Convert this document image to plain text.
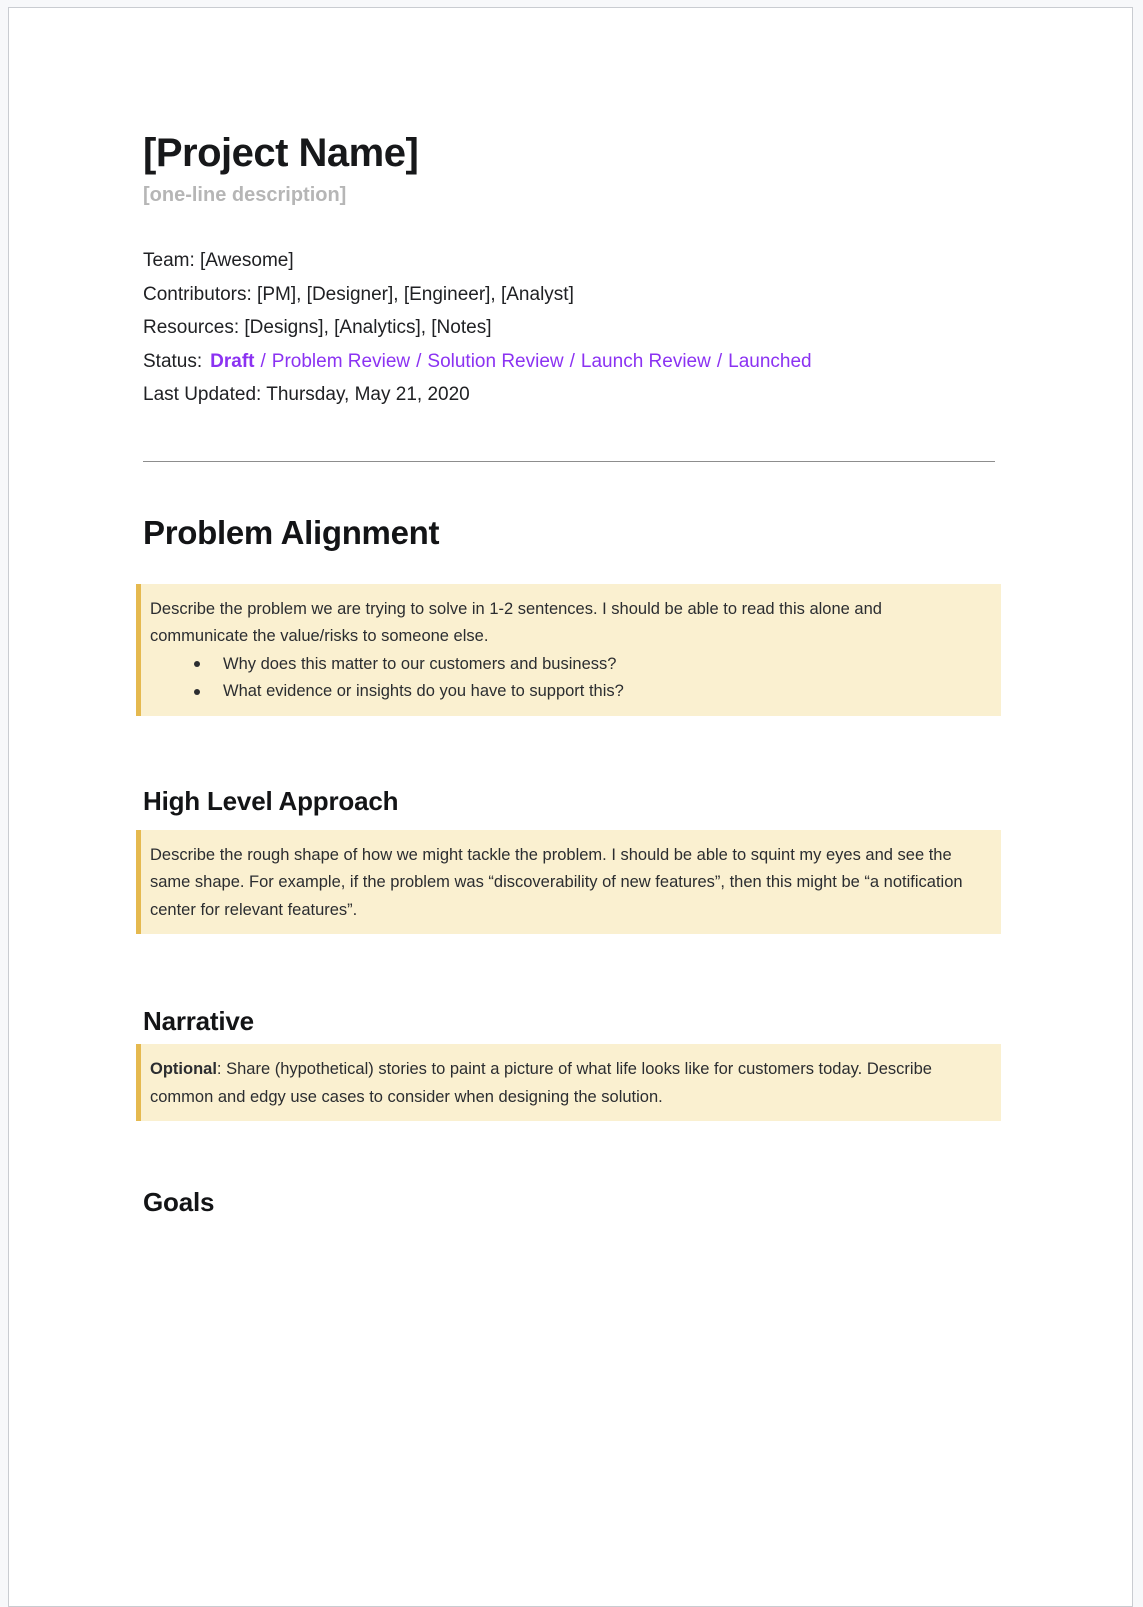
[Project Name]
[one-line description]
Team: [Awesome]
Contributors: [PM], [Designer], [Engineer], [Analyst]
Resources: [Designs], [Analytics], [Notes]
Status: Draft / Problem Review / Solution Review / Launch Review / Launched
Last Updated: Thursday, May 21, 2020
Problem Alignment
Describe the problem we are trying to solve in 1-2 sentences. I should be able to read this alone and communicate the value/risks to someone else.
Why does this matter to our customers and business?
What evidence or insights do you have to support this?
High Level Approach
Describe the rough shape of how we might tackle the problem. I should be able to squint my eyes and see the same shape. For example, if the problem was “discoverability of new features”, then this might be “a notification center for relevant features”.
Narrative
Optional: Share (hypothetical) stories to paint a picture of what life looks like for customers today. Describe common and edgy use cases to consider when designing the solution.
Goals
